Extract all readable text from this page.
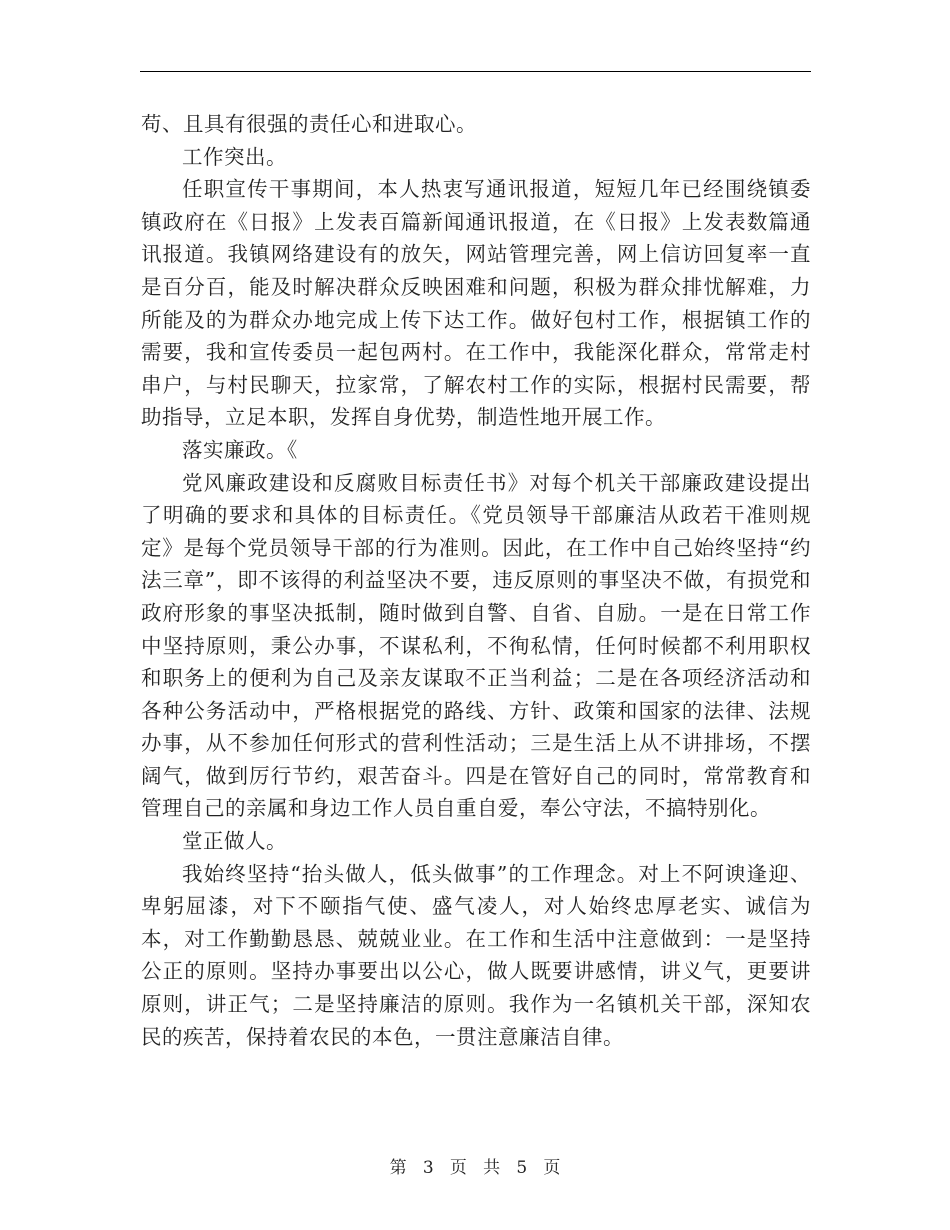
苟、且具有很强的责任心和进取心。

工作突出。

任职宣传干事期间，本人热衷写通讯报道，短短几年已经围绕镇委镇政府在《日报》上发表百篇新闻通讯报道，在《日报》上发表数篇通讯报道。我镇网络建设有的放矢，网站管理完善，网上信访回复率一直是百分百，能及时解决群众反映困难和问题，积极为群众排忧解难，力所能及的为群众办地完成上传下达工作。做好包村工作，根据镇工作的需要，我和宣传委员一起包两村。在工作中，我能深化群众，常常走村串户，与村民聊天，拉家常，了解农村工作的实际，根据村民需要，帮助指导，立足本职，发挥自身优势，制造性地开展工作。

落实廉政。《

党风廉政建设和反腐败目标责任书》对每个机关干部廉政建设提出了明确的要求和具体的目标责任。《党员领导干部廉洁从政若干准则规定》是每个党员领导干部的行为准则。因此，在工作中自己始终坚持“约法三章”，即不该得的利益坚决不要，违反原则的事坚决不做，有损党和政府形象的事坚决抵制，随时做到自警、自省、自励。一是在日常工作中坚持原则，秉公办事，不谋私利，不徇私情，任何时候都不利用职权和职务上的便利为自己及亲友谋取不正当利益；二是在各项经济活动和各种公务活动中，严格根据党的路线、方针、政策和国家的法律、法规办事，从不参加任何形式的营利性活动；三是生活上从不讲排场，不摆阔气，做到厉行节约，艰苦奋斗。四是在管好自己的同时，常常教育和管理自己的亲属和身边工作人员自重自爱，奉公守法，不搞特别化。

堂正做人。

我始终坚持“抬头做人，低头做事”的工作理念。对上不阿谀逢迎、卑躬屈漆，对下不颐指气使、盛气凌人，对人始终忠厚老实、诚信为本，对工作勤勤恳恳、兢兢业业。在工作和生活中注意做到：一是坚持公正的原则。坚持办事要出以公心，做人既要讲感情，讲义气，更要讲原则，讲正气；二是坚持廉洁的原则。我作为一名镇机关干部，深知农民的疾苦，保持着农民的本色，一贯注意廉洁自律。

第 3 页 共 5 页
